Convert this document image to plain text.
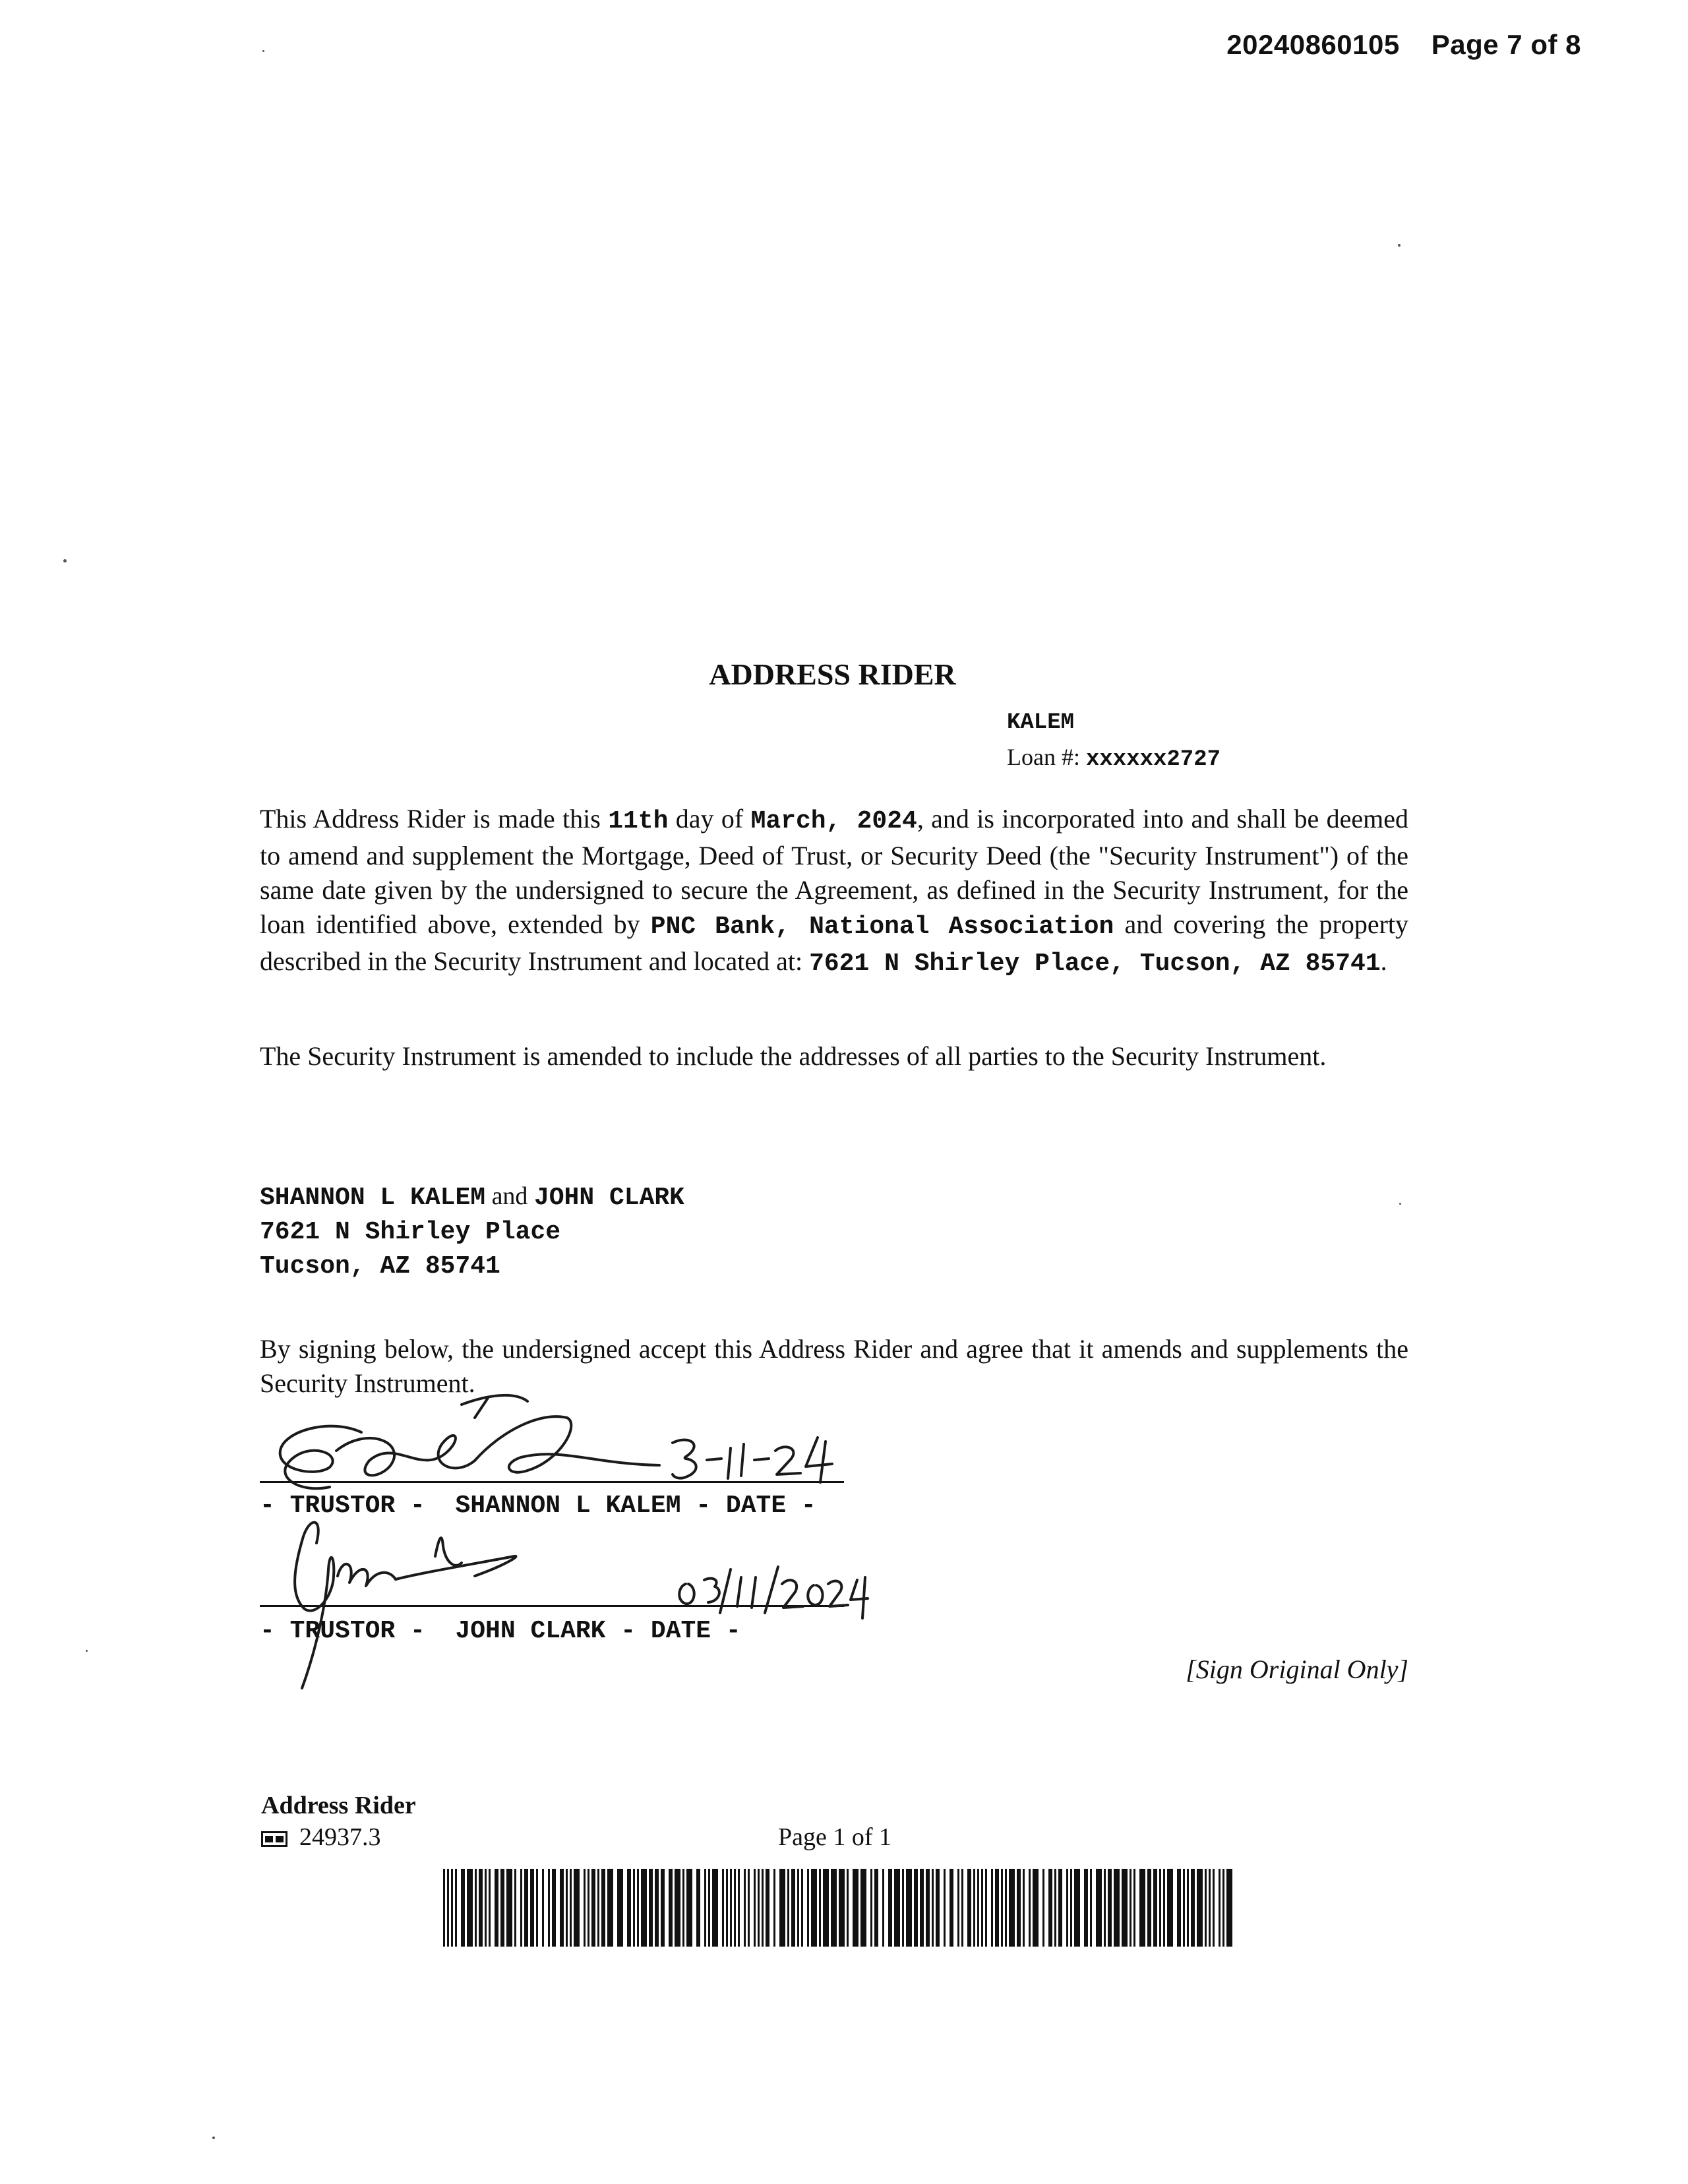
20240860105 Page 7 of 8
ADDRESS RIDER
KALEM
Loan #: xxxxxx2727
This Address Rider is made this 11th day of March, 2024, and is incorporated into and shall be deemed to amend and supplement the Mortgage, Deed of Trust, or Security Deed (the "Security Instrument") of the same date given by the undersigned to secure the Agreement, as defined in the Security Instrument, for the loan identified above, extended by PNC Bank, National Association and covering the property described in the Security Instrument and located at: 7621 N Shirley Place, Tucson, AZ 85741.
The Security Instrument is amended to include the addresses of all parties to the Security Instrument.
SHANNON L KALEM and JOHN CLARK
7621 N Shirley Place
Tucson, AZ 85741
By signing below, the undersigned accept this Address Rider and agree that it amends and supplements the Security Instrument.
- TRUSTOR -  SHANNON L KALEM - DATE -
- TRUSTOR -  JOHN CLARK - DATE -
[Sign Original Only]
Address Rider
24937.3	Page 1 of 1
